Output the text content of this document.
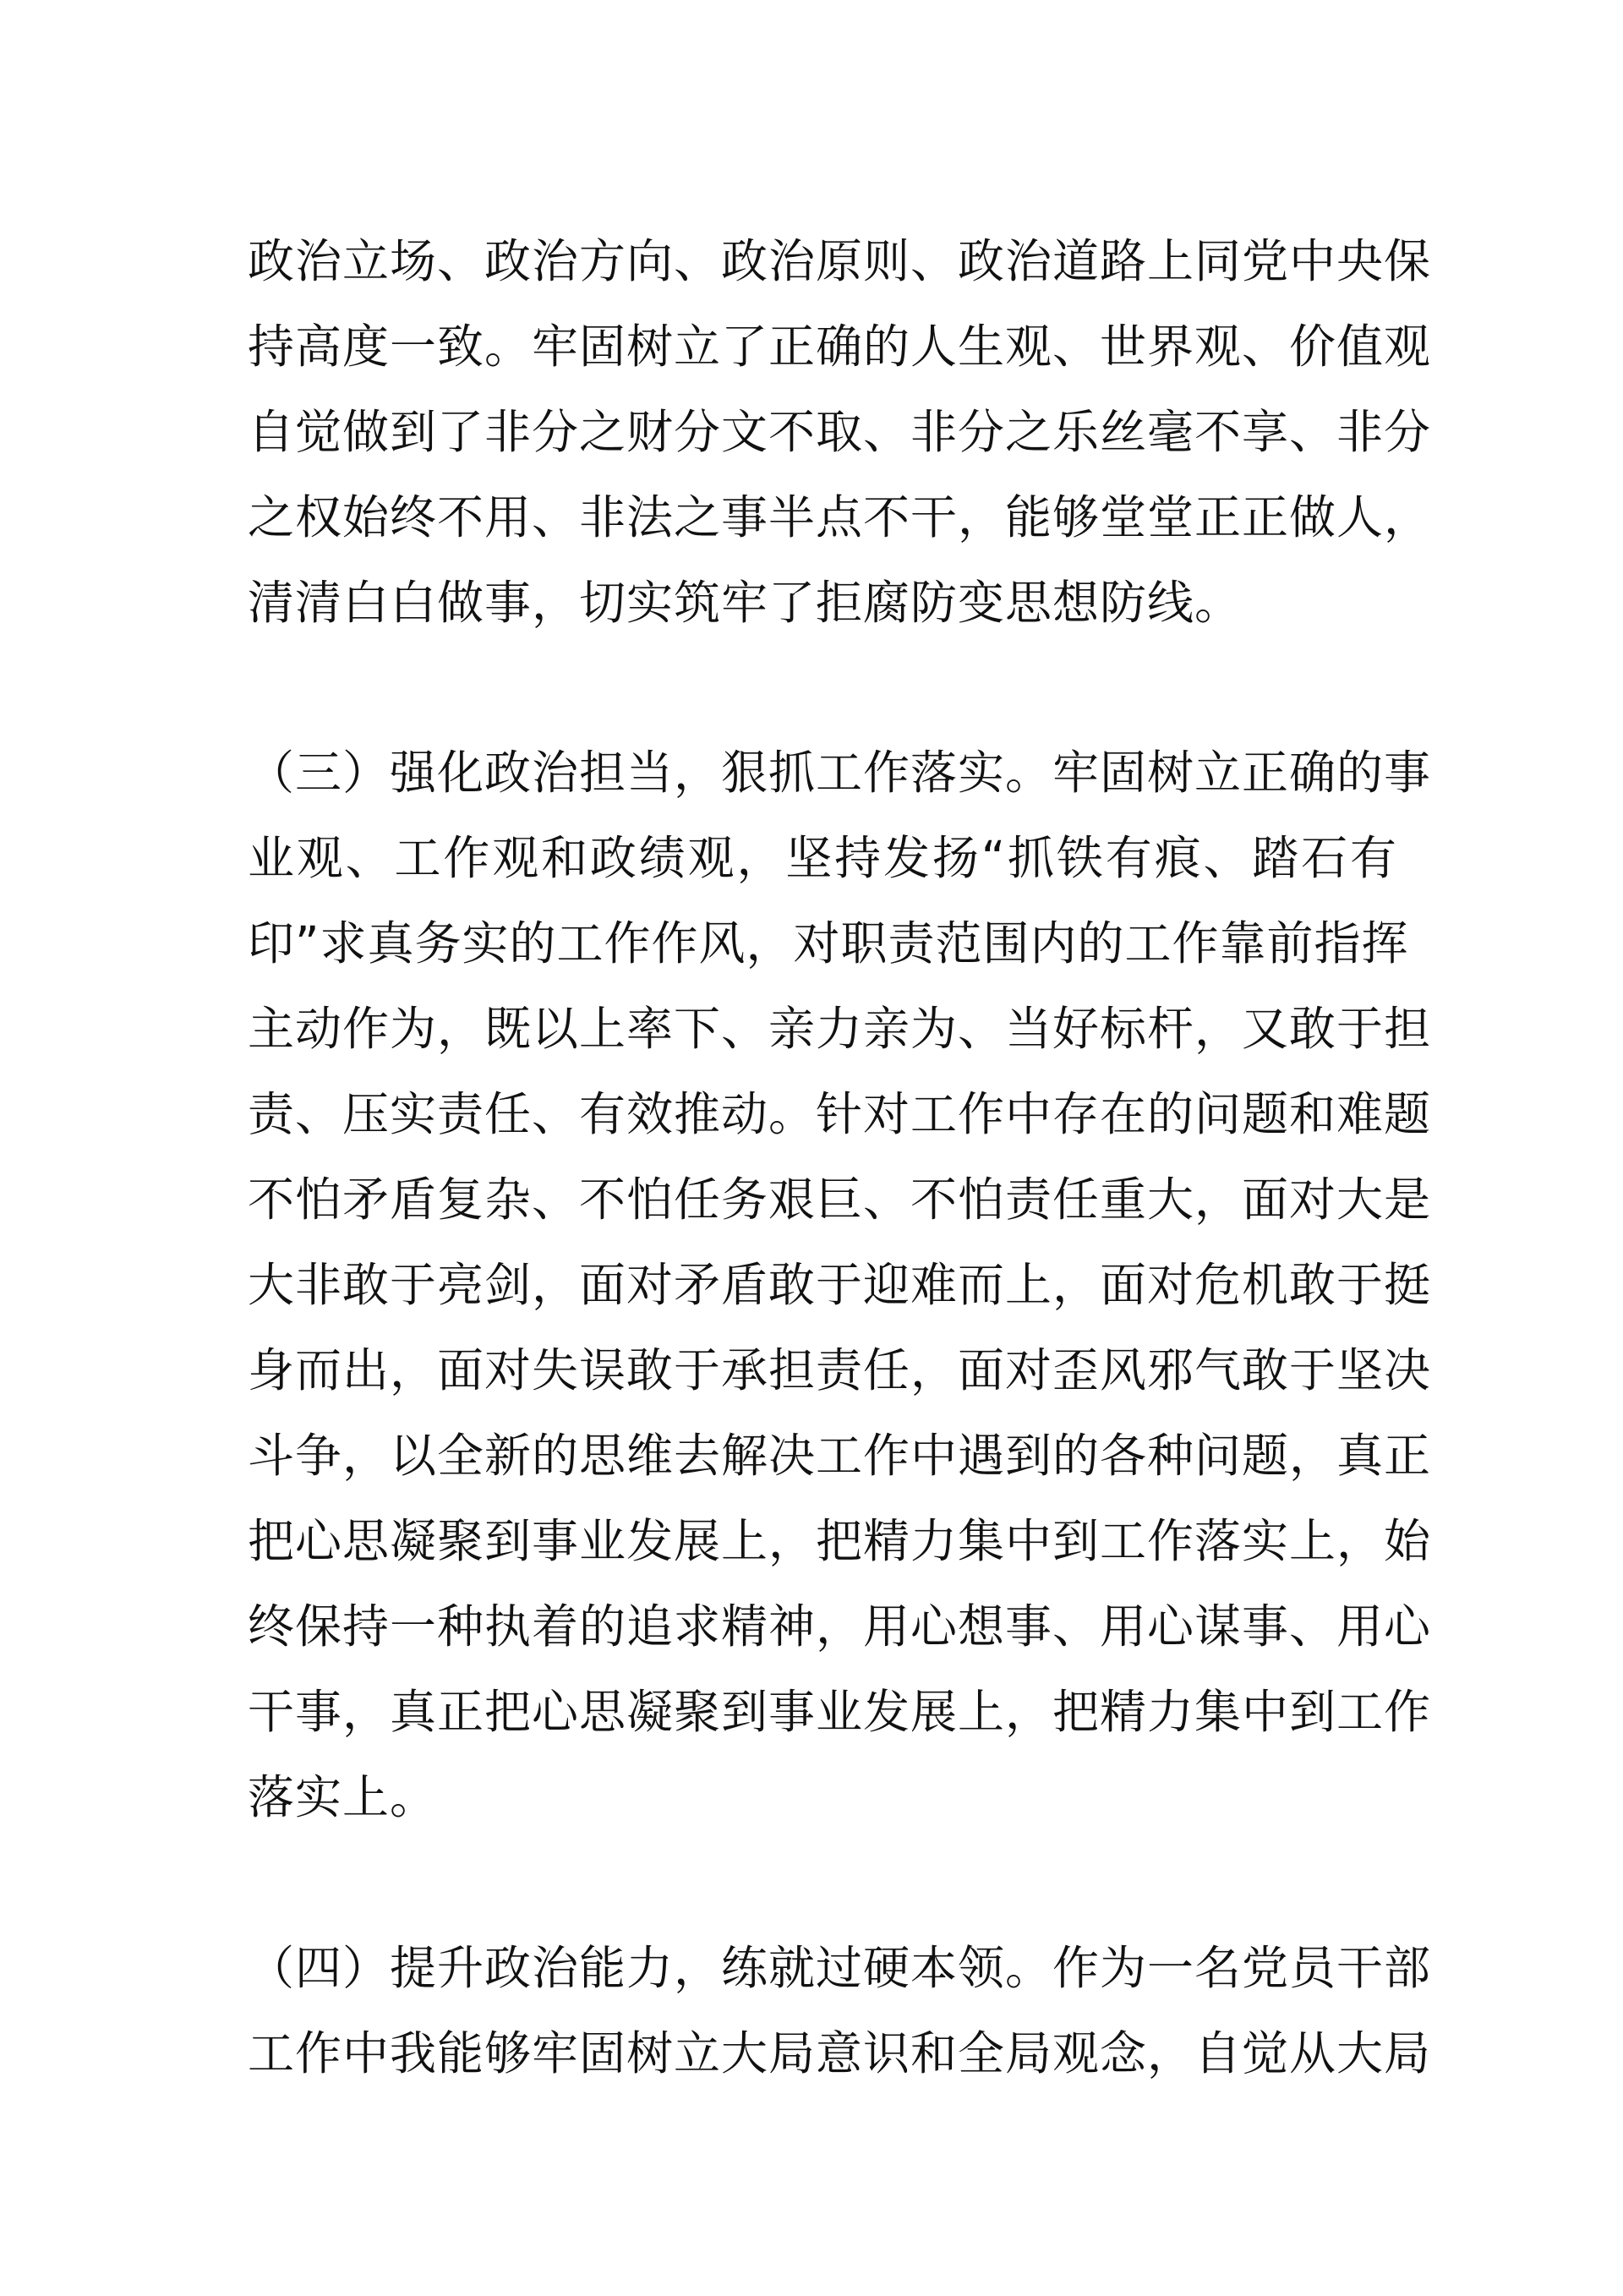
政治立场、政治方向、政治原则、政治道路上同党中央保

持高度一致。牢固树立了正确的人生观、世界观、价值观

自觉做到了非分之财分文不取、非分之乐丝毫不享、非分

之权始终不用、非法之事半点不干，能够堂堂正正做人，

清清白白做事，切实筑牢了拒腐防变思想防线。

（三）强化政治担当，狠抓工作落实。牢固树立正确的事

业观、工作观和政绩观，坚持发扬“抓铁有痕、踏石有

印”求真务实的工作作风，对职责范围内的工作靠前指挥

主动作为，既以上率下、亲力亲为、当好标杆，又敢于担

责、压实责任、有效推动。针对工作中存在的问题和难题

不怕矛盾复杂、不怕任务艰巨、不怕责任重大，面对大是

大非敢于亮剑，面对矛盾敢于迎难而上，面对危机敢于挺

身而出，面对失误敢于承担责任，面对歪风邪气敢于坚决

斗争，以全新的思维去解决工作中遇到的各种问题，真正

把心思凝聚到事业发展上，把精力集中到工作落实上，始

终保持一种执着的追求精神，用心想事、用心谋事、用心

干事，真正把心思凝聚到事业发展上，把精力集中到工作

落实上。

（四）提升政治能力，练就过硬本领。作为一名党员干部

工作中我能够牢固树立大局意识和全局观念，自觉从大局
